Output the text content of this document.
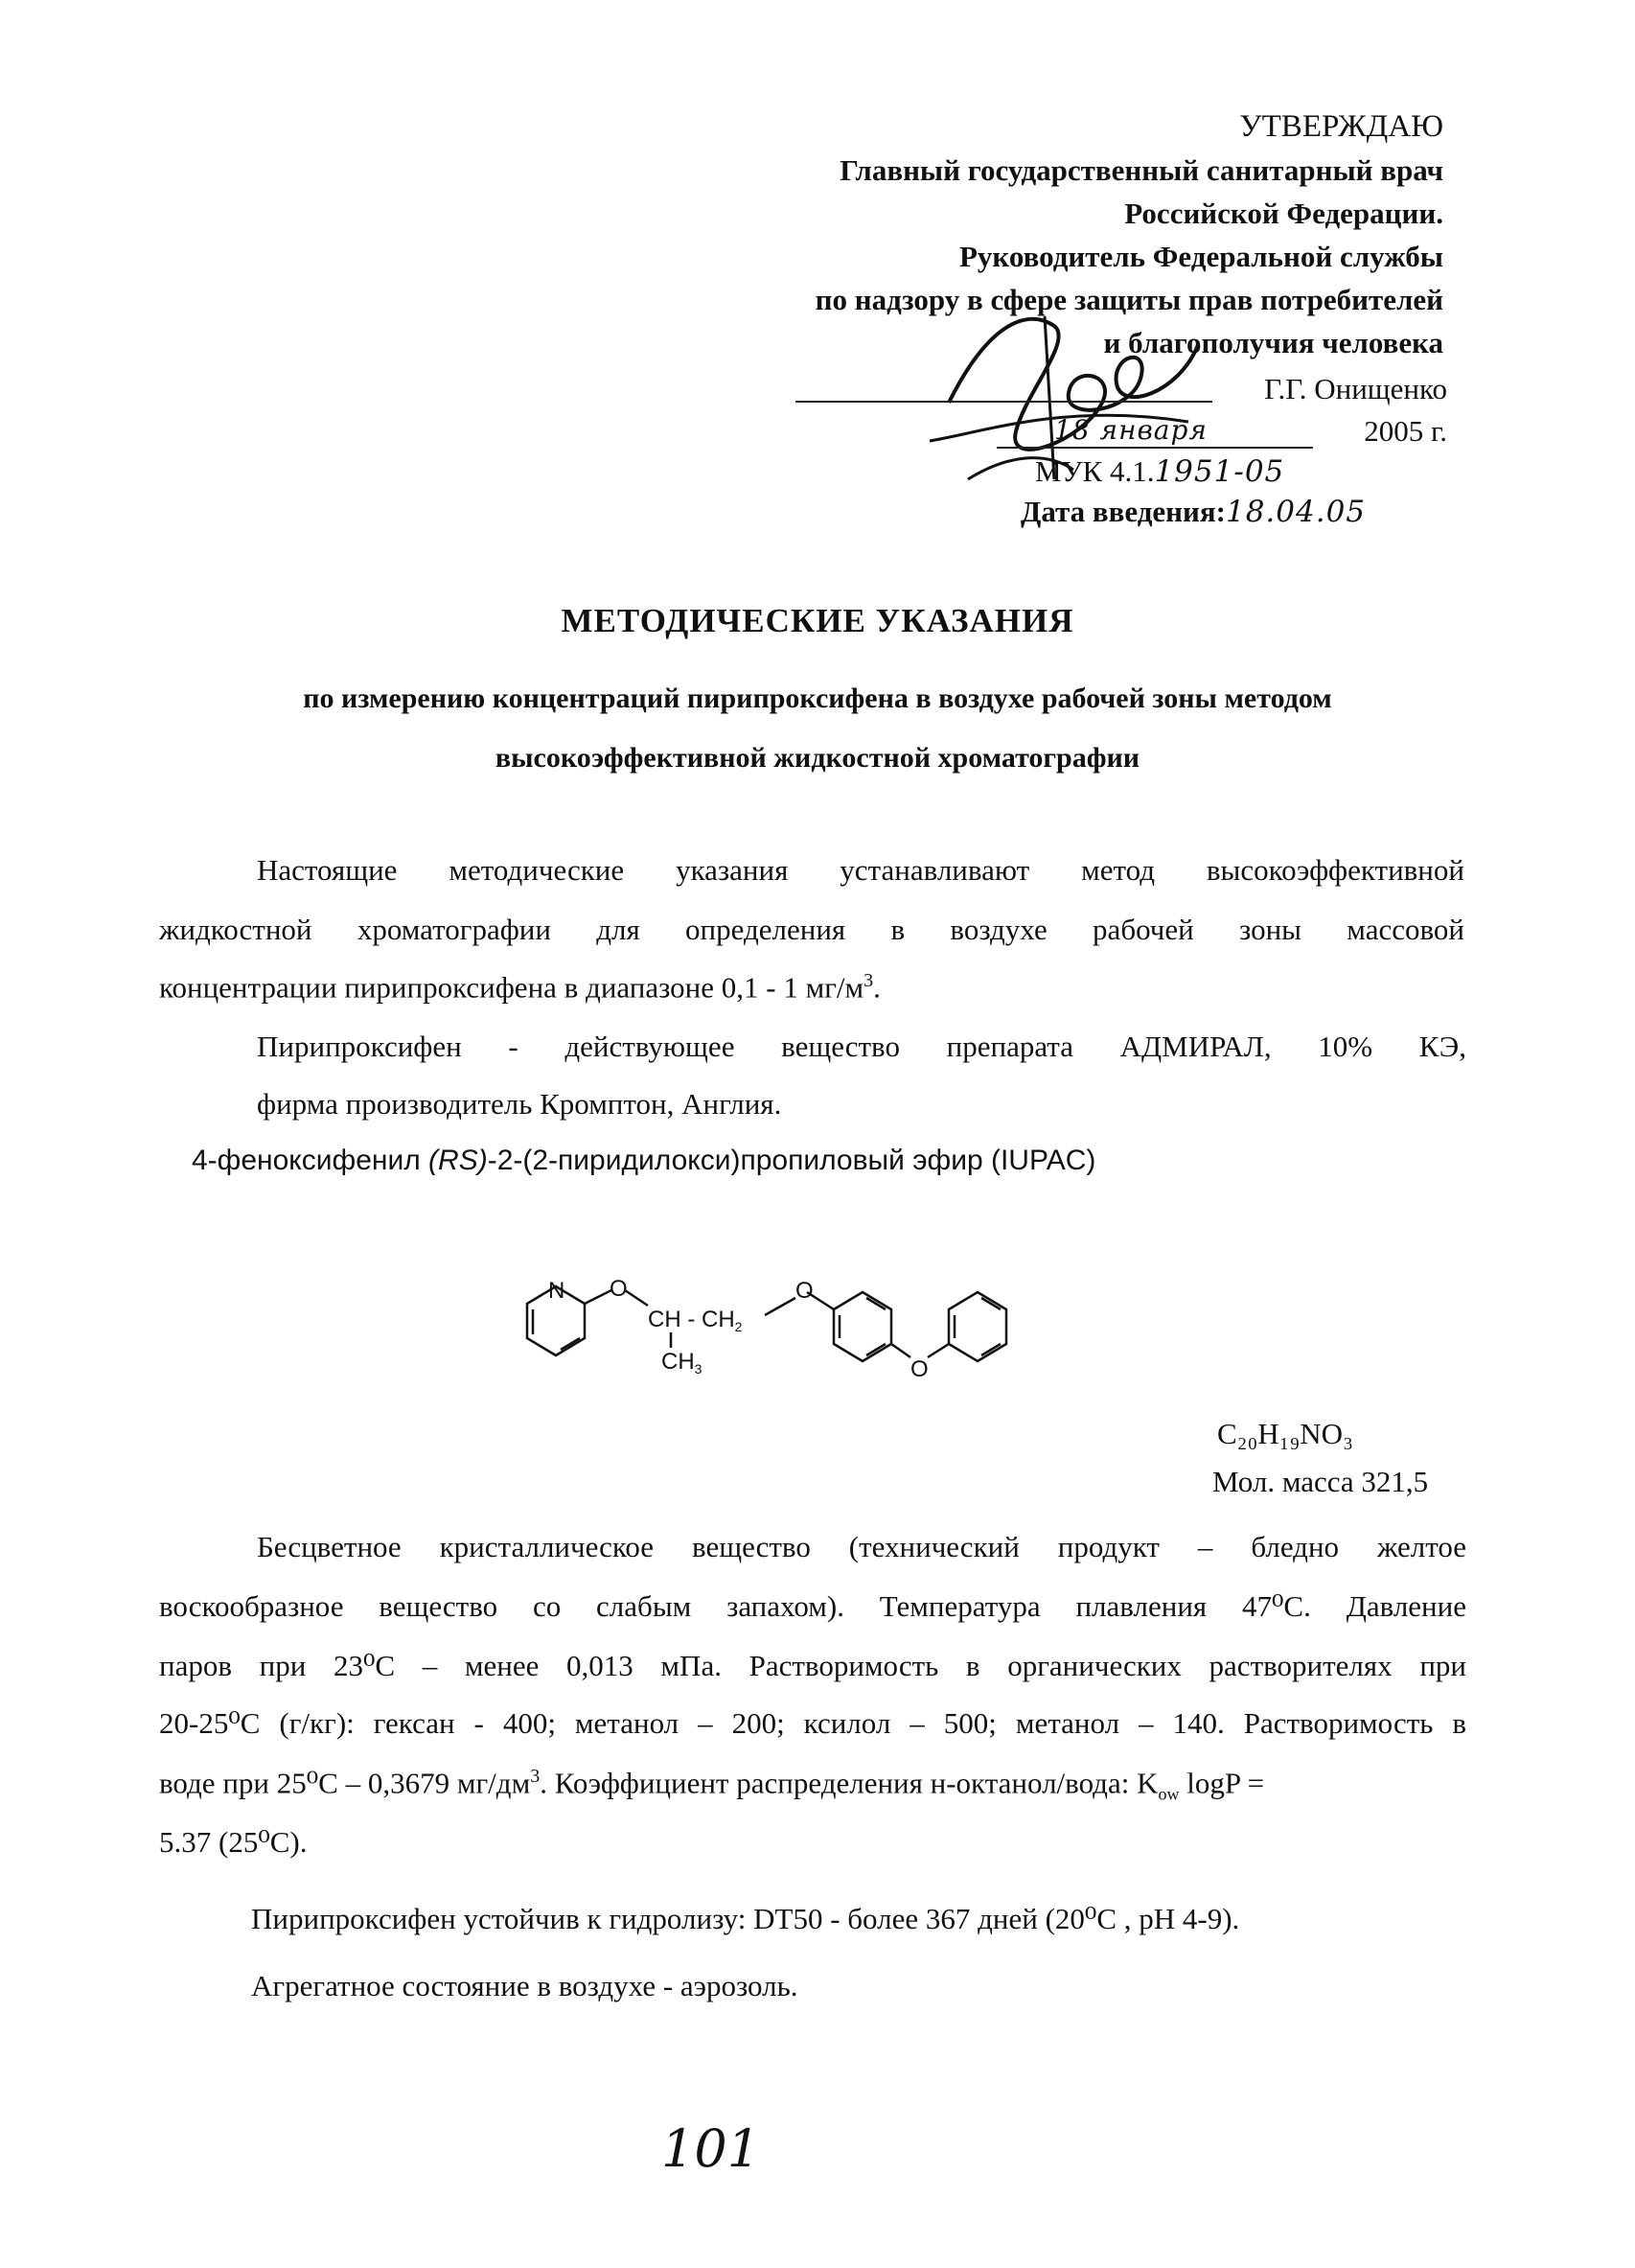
УТВЕРЖДАЮ
Главный государственный санитарный врач
Российской Федерации.
Руководитель Федеральной службы
по надзору в сфере защиты прав потребителей
и благополучия человека
Г.Г. Онищенко
18 января	2005 г.
МУК 4.1.1951-05
Дата введения:18.04.05
МЕТОДИЧЕСКИЕ УКАЗАНИЯ
по измерению концентраций пирипроксифена в воздухе рабочей зоны методом
высокоэффективной жидкостной хроматографии
Настоящие методические указания устанавливают метод высокоэффективной
жидкостной хроматографии для определения в воздухе рабочей зоны массовой
концентрации пирипроксифена в диапазоне 0,1 - 1 $мг/м^3$.
Пирипроксифен - действующее вещество препарата АДМИРАЛ, 10% КЭ,
фирма производитель Кромптон, Англия.
4-феноксифенил (RS)-2-(2-пиридилокси)пропиловый эфир (IUPAC)
N O
CH - $CH_2$
O
$CH_3$	O
C₂₀H₁₉NO₃
Мол. масса 321,5
Бесцветное кристаллическое вещество (технический продукт – бледно желтое
воскообразное вещество со слабым запахом). Температура плавления 47⁰С. Давление
паров при 23⁰С – менее 0,013 мПа. Растворимость в органических растворителях при
20-25⁰С (г/кг): гексан - 400; метанол – 200; ксилол – 500; метанол – 140. Растворимость в
воде при 25⁰С – 0,3679 $мг/дм^3$. Коэффициент распределения н-октанол/вода: $K_{ow}$ logP =
5.37 (25⁰С).
Пирипроксифен устойчив к гидролизу: DT50 - более 367 дней (20⁰С , рН 4-9).
Агрегатное состояние в воздухе - аэрозоль.
101
